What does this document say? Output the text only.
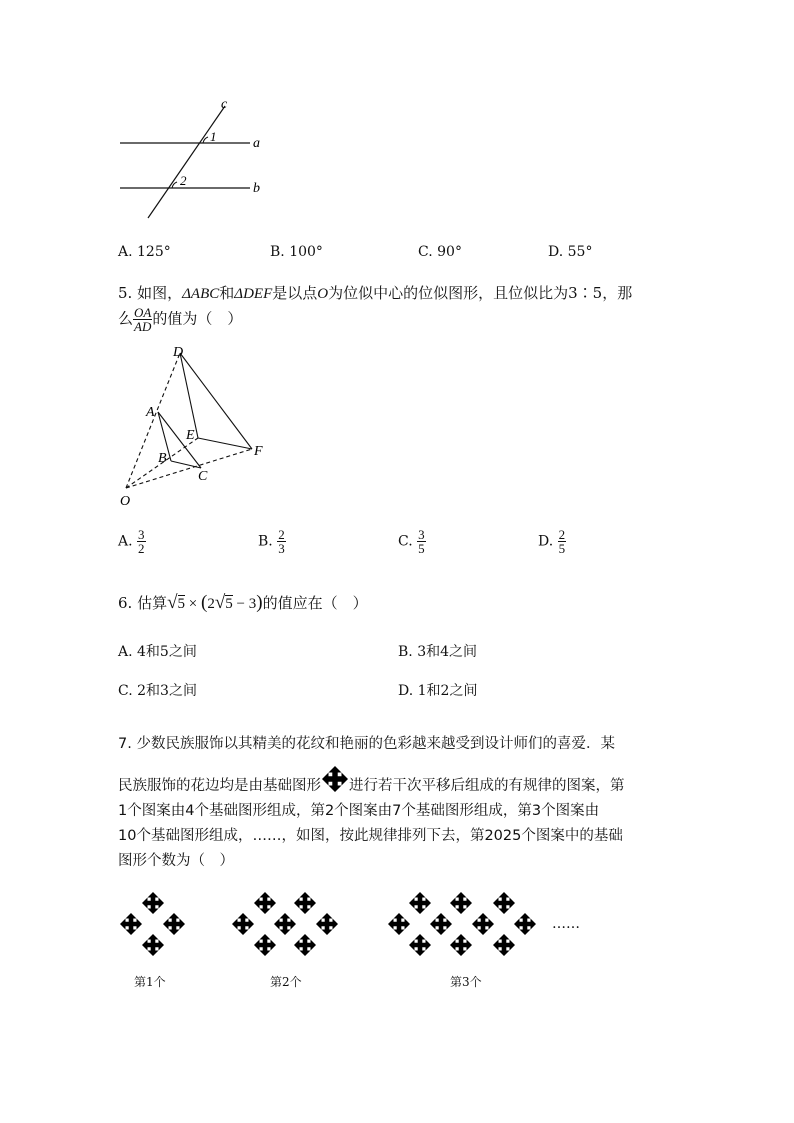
c
a
b
1
2
A. 125°	B. 100°	C. 90°	D. 55°
5. 如图，ΔABC和ΔDEF是以点O为位似中心的位似图形，且位似比为3∶5，那
么 $\frac{OA}{AD}$ 的值为（　）
D
A
E
F
B
C
O
A. $\frac{3}{2}$	B. $\frac{2}{3}$	C. $\frac{3}{5}$	D. $\frac{2}{5}$
6. 估算√5 × (2√5 − 3)的值应在（　）
A. 4和5之间	B. 3和4之间
C. 2和3之间	D. 1和2之间
7. 少数民族服饰以其精美的花纹和艳丽的色彩越来越受到设计师们的喜爱．某
民族服饰的花边均是由基础图形 进行若干次平移后组成的有规律的图案，第
1个图案由4个基础图形组成，第2个图案由7个基础图形组成，第3个图案由
10个基础图形组成，……，如图，按此规律排列下去，第2025个图案中的基础
图形个数为（　）
……
第1个	第2个	第3个
